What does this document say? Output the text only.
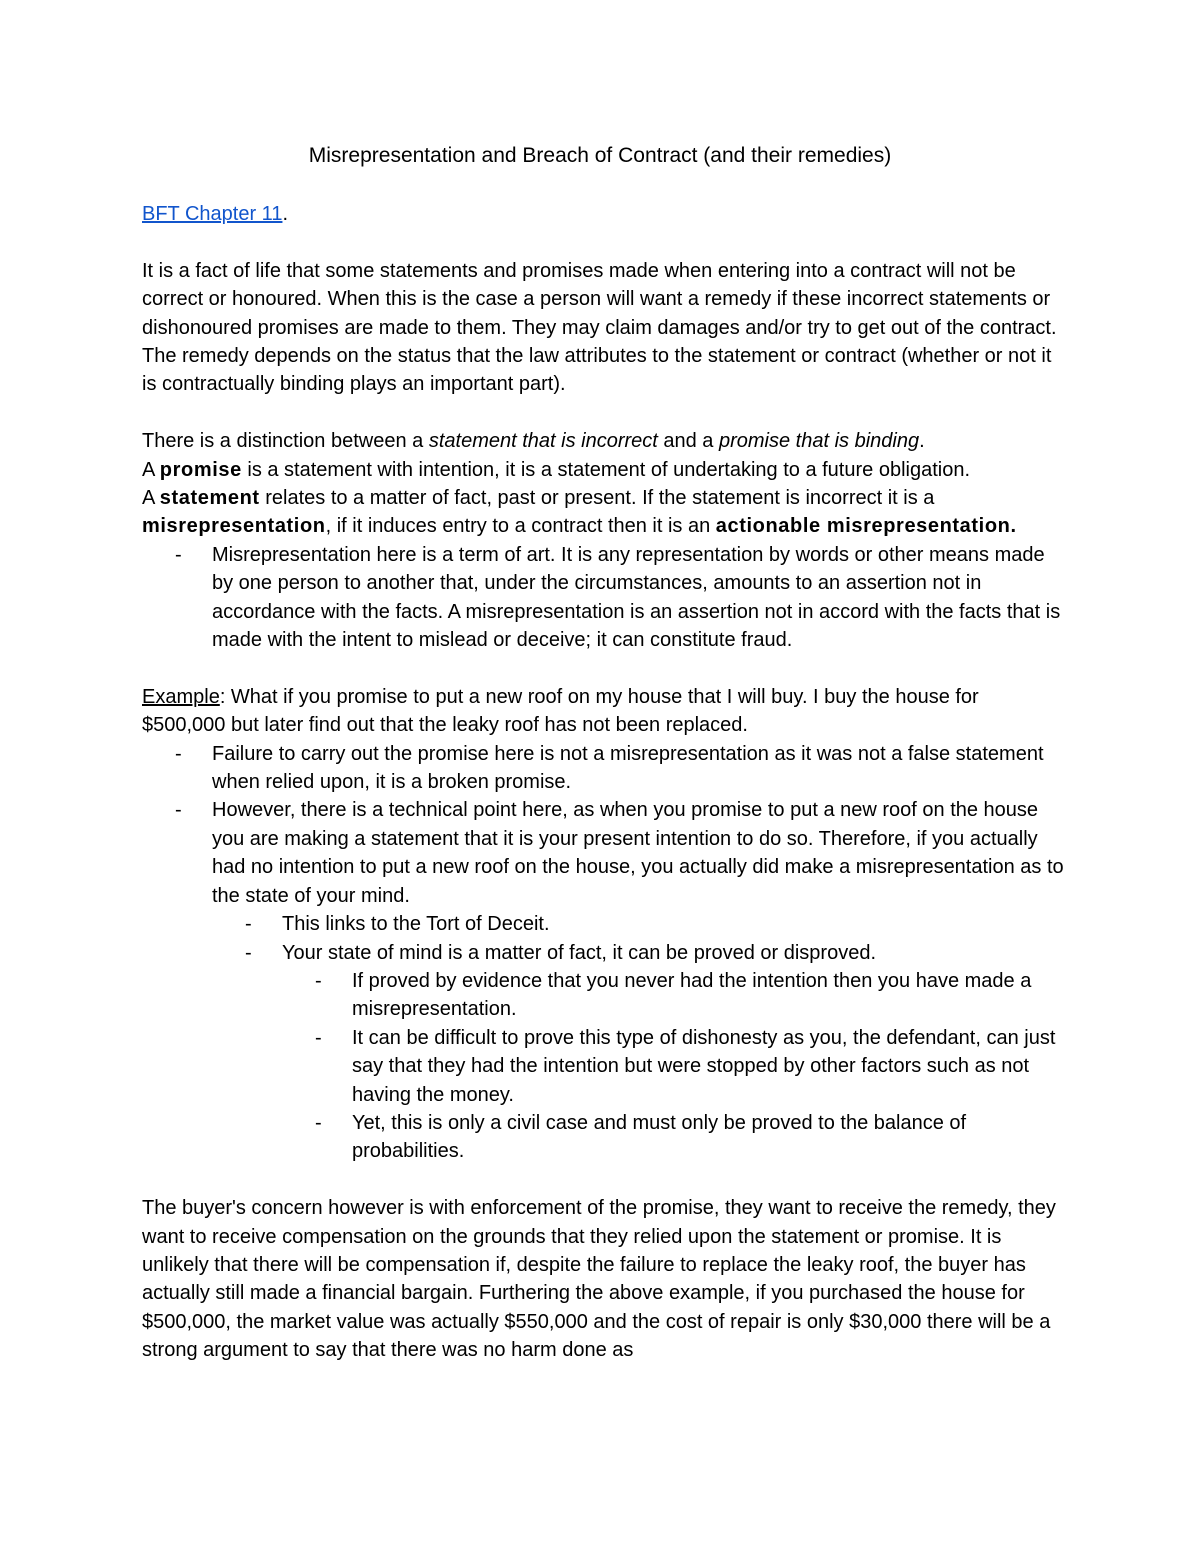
Misrepresentation and Breach of Contract (and their remedies)

BFT Chapter 11.

It is a fact of life that some statements and promises made when entering into a contract will not be correct or honoured. When this is the case a person will want a remedy if these incorrect statements or dishonoured promises are made to them. They may claim damages and/or try to get out of the contract. The remedy depends on the status that the law attributes to the statement or contract (whether or not it is contractually binding plays an important part).

There is a distinction between a statement that is incorrect and a promise that is binding.

A promise is a statement with intention, it is a statement of undertaking to a future obligation.

A statement relates to a matter of fact, past or present. If the statement is incorrect it is a misrepresentation, if it induces entry to a contract then it is an actionable misrepresentation.

- Misrepresentation here is a term of art. It is any representation by words or other means made by one person to another that, under the circumstances, amounts to an assertion not in accordance with the facts. A misrepresentation is an assertion not in accord with the facts that is made with the intent to mislead or deceive; it can constitute fraud.

Example: What if you promise to put a new roof on my house that I will buy. I buy the house for $500,000 but later find out that the leaky roof has not been replaced.

- Failure to carry out the promise here is not a misrepresentation as it was not a false statement when relied upon, it is a broken promise.
- However, there is a technical point here, as when you promise to put a new roof on the house you are making a statement that it is your present intention to do so. Therefore, if you actually had no intention to put a new roof on the house, you actually did make a misrepresentation as to the state of your mind.
- This links to the Tort of Deceit.
- Your state of mind is a matter of fact, it can be proved or disproved.
- If proved by evidence that you never had the intention then you have made a misrepresentation.
- It can be difficult to prove this type of dishonesty as you, the defendant, can just say that they had the intention but were stopped by other factors such as not having the money.
- Yet, this is only a civil case and must only be proved to the balance of probabilities.

The buyer's concern however is with enforcement of the promise, they want to receive the remedy, they want to receive compensation on the grounds that they relied upon the statement or promise. It is unlikely that there will be compensation if, despite the failure to replace the leaky roof, the buyer has actually still made a financial bargain. Furthering the above example, if you purchased the house for $500,000, the market value was actually $550,000 and the cost of repair is only $30,000 there will be a strong argument to say that there was no harm done as
